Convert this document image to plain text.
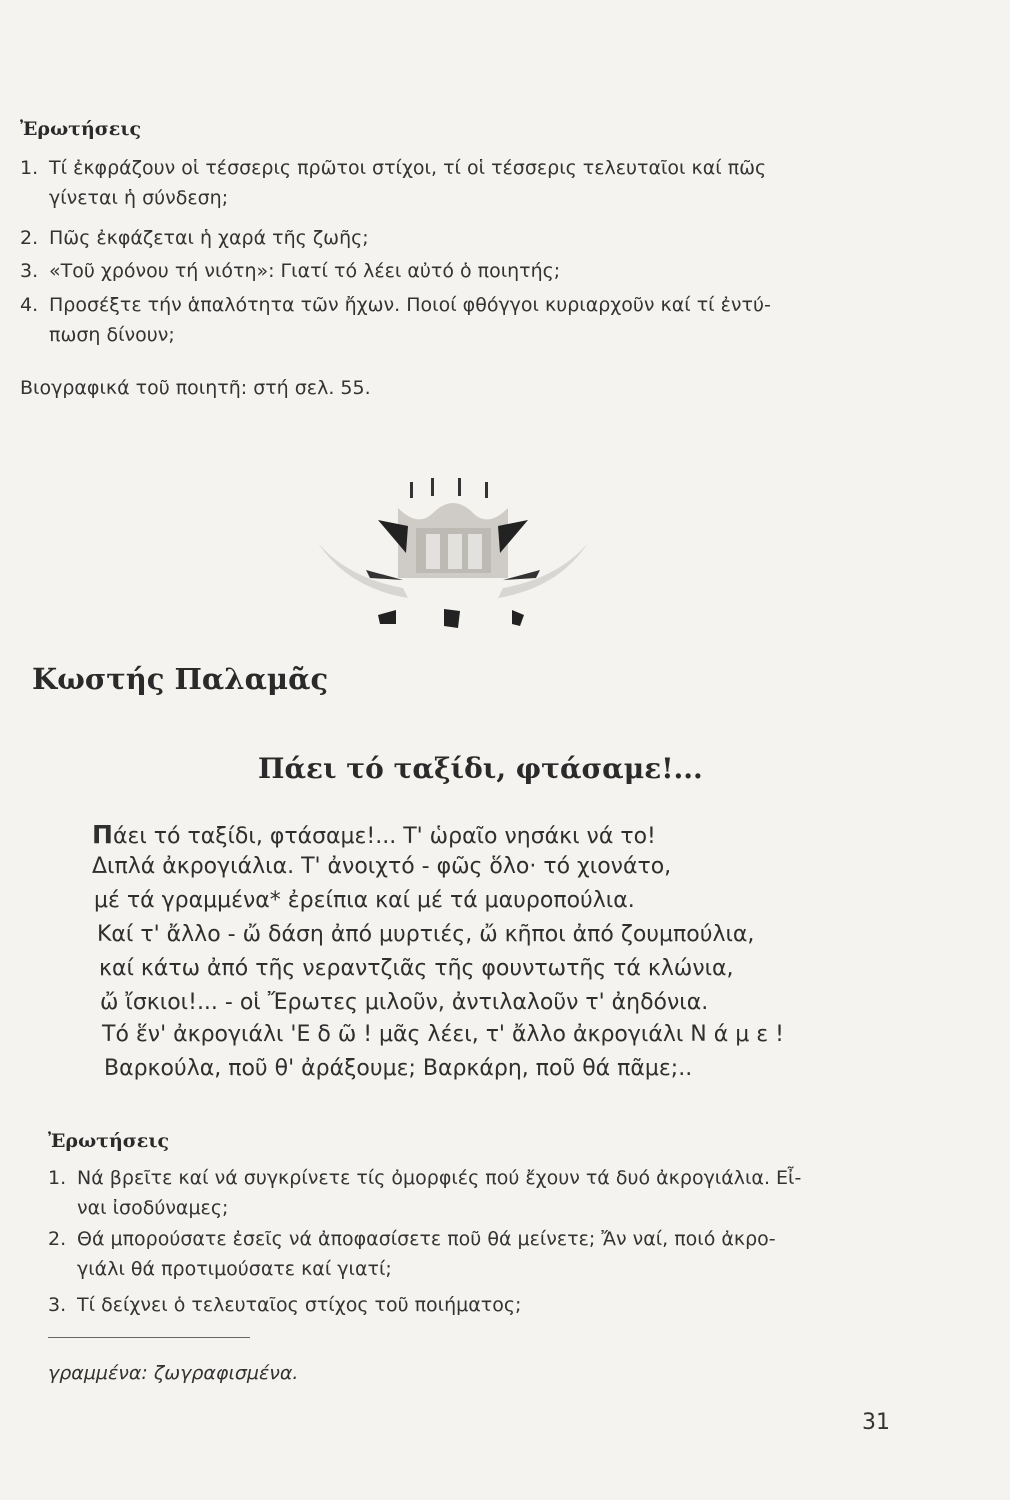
Ἐρωτήσεις
1. Τί ἐκφράζουν οἱ τέσσερις πρῶτοι στίχοι, τί οἱ τέσσερις τελευταῖοι καί πῶς
γίνεται ἡ σύνδεση;
2. Πῶς ἐκφάζεται ἡ χαρά τῆς ζωῆς;
3. «Τοῦ χρόνου τή νιότη»: Γιατί τό λέει αὐτό ὁ ποιητής;
4. Προσέξτε τήν ἁπαλότητα τῶν ἤχων. Ποιοί φθόγγοι κυριαρχοῦν καί τί ἐντύ-
πωση δίνουν;
Βιογραφικά τοῦ ποιητῆ: στή σελ. 55.
Κωστής Παλαμᾶς
Πάει τό ταξίδι, φτάσαμε!...
Πάει τό ταξίδι, φτάσαμε!... Τ' ὡραῖο νησάκι νά το!
Διπλά ἀκρογιάλια. Τ' ἀνοιχτό - φῶς ὅλο· τό χιονάτο,
μέ τά γραμμένα* ἐρείπια καί μέ τά μαυροπούλια.
Καί τ' ἄλλο - ὤ δάση ἀπό μυρτιές, ὤ κῆποι ἀπό ζουμπούλια,
καί κάτω ἀπό τῆς νεραντζιᾶς τῆς φουντωτῆς τά κλώνια,
ὤ ἴσκιοι!... - οἱ Ἔρωτες μιλοῦν, ἀντιλαλοῦν τ' ἀηδόνια.
Τό ἕν' ἀκρογιάλι 'Ε δ ῶ ! μᾶς λέει, τ' ἄλλο ἀκρογιάλι Ν ά μ ε !
Βαρκούλα, ποῦ θ' ἀράξουμε; Βαρκάρη, ποῦ θά πᾶμε;..
Ἐρωτήσεις
1. Νά βρεῖτε καί νά συγκρίνετε τίς ὀμορφιές πού ἔχουν τά δυό ἀκρογιάλια. Εἶ-
ναι ἰσοδύναμες;
2. Θά μπορούσατε ἐσεῖς νά ἀποφασίσετε ποῦ θά μείνετε; Ἄν ναί, ποιό ἀκρο-
γιάλι θά προτιμούσατε καί γιατί;
3. Τί δείχνει ὁ τελευταῖος στίχος τοῦ ποιήματος;
γραμμένα: ζωγραφισμένα.
31
